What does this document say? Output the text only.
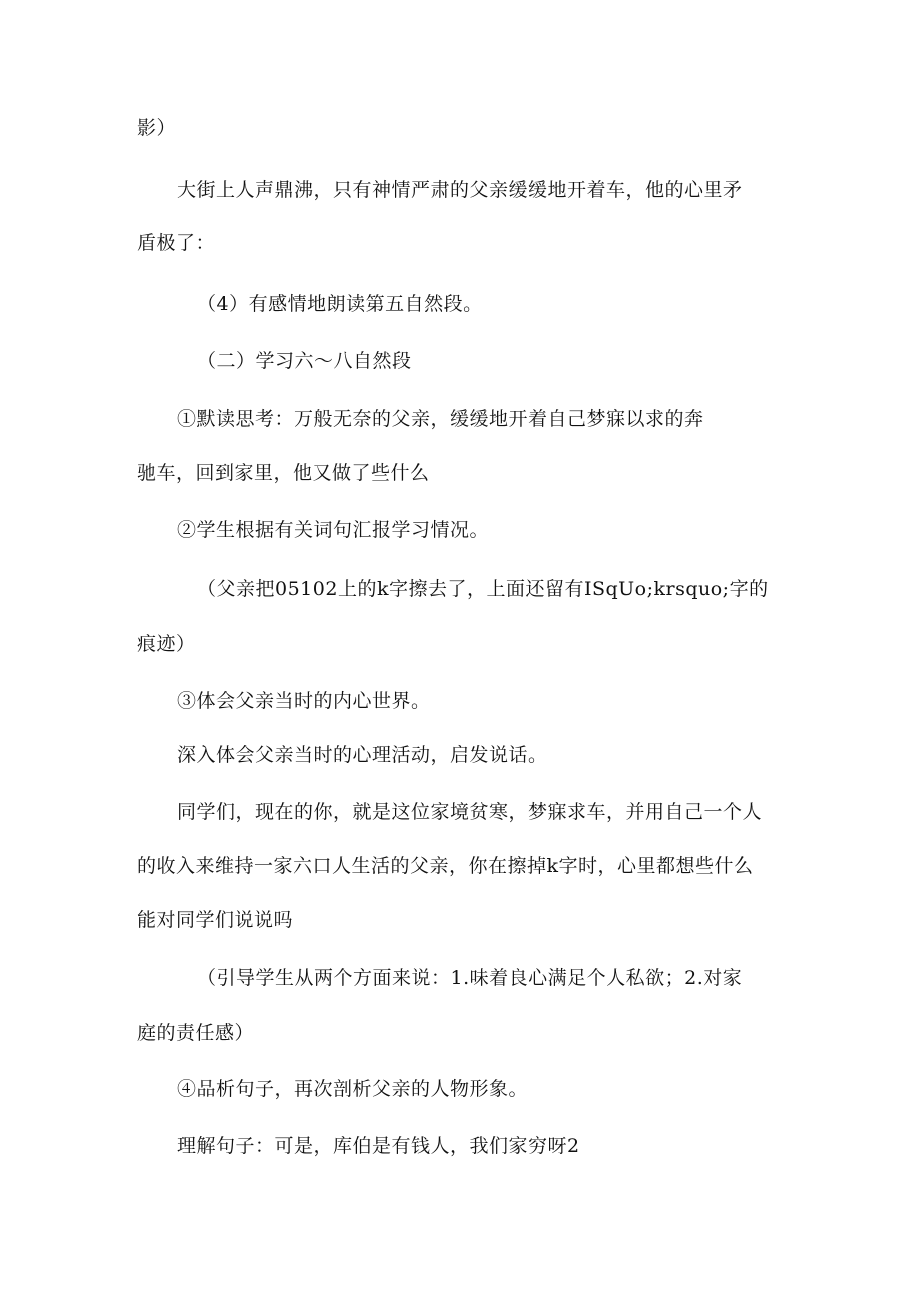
影）
大街上人声鼎沸，只有神情严肃的父亲缓缓地开着车，他的心里矛
盾极了：
（4）有感情地朗读第五自然段。
（二）学习六～八自然段
①默读思考：万般无奈的父亲，缓缓地开着自己梦寐以求的奔
驰车，回到家里，他又做了些什么
②学生根据有关词句汇报学习情况。
（父亲把05102上的k字擦去了，上面还留有ISqUo;krsquo;字的
痕迹）
③体会父亲当时的内心世界。
深入体会父亲当时的心理活动，启发说话。
同学们，现在的你，就是这位家境贫寒，梦寐求车，并用自己一个人
的收入来维持一家六口人生活的父亲，你在擦掉k字时，心里都想些什么
能对同学们说说吗
（引导学生从两个方面来说：1.味着良心满足个人私欲；2.对家
庭的责任感）
④品析句子，再次剖析父亲的人物形象。
理解句子：可是，库伯是有钱人，我们家穷呀2
